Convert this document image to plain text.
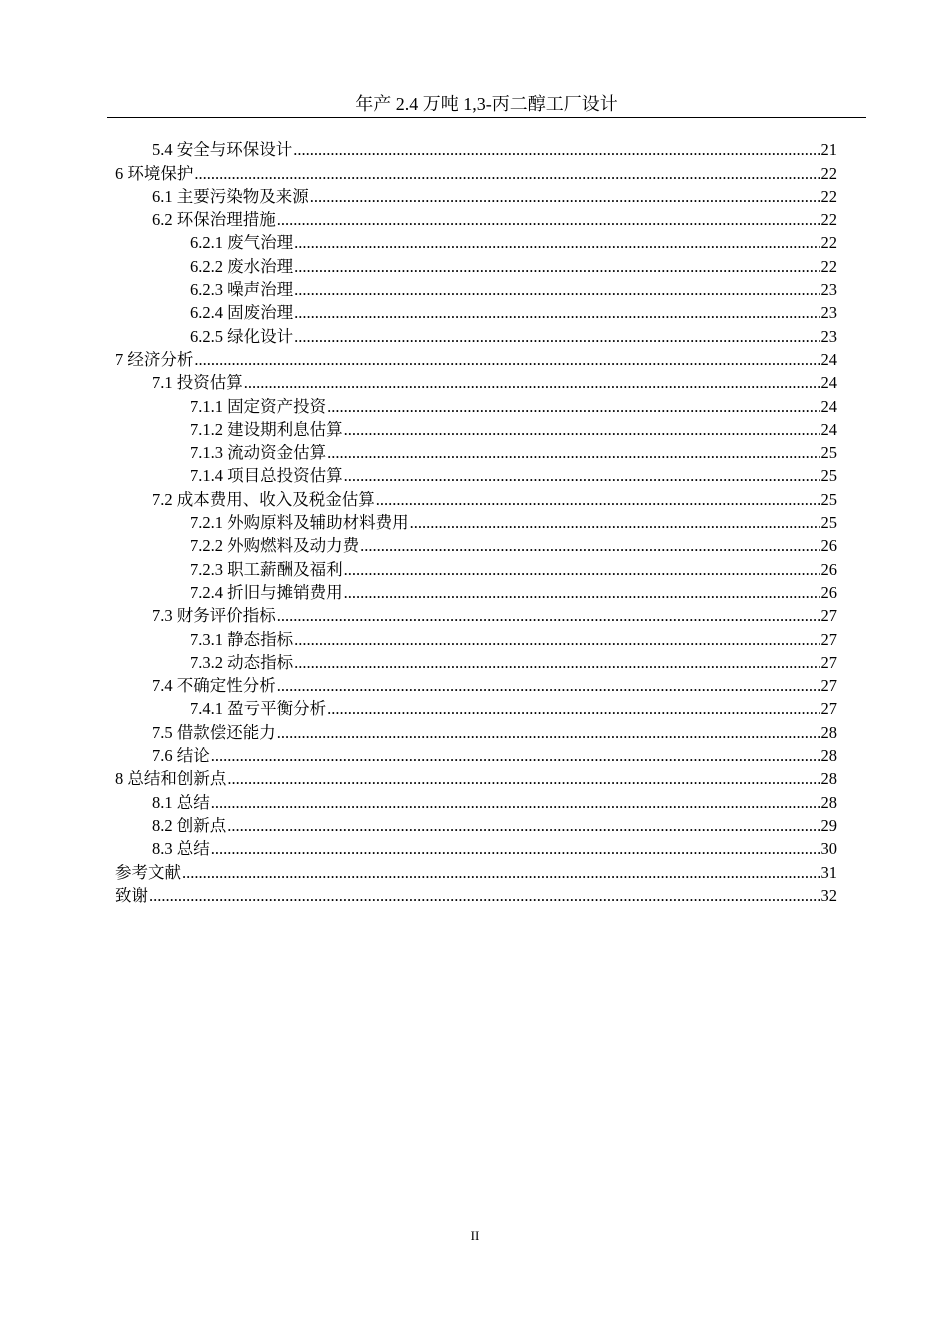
年产 2.4 万吨 1,3-丙二醇工厂设计
5.4 安全与环保设计 .....	21
6 环境保护 .....	22
6.1 主要污染物及来源 .....	22
6.2 环保治理措施 .....	22
6.2.1 废气治理 .....	22
6.2.2 废水治理 .....	22
6.2.3 噪声治理 .....	23
6.2.4 固废治理 .....	23
6.2.5 绿化设计 .....	23
7 经济分析 .....	24
7.1 投资估算 .....	24
7.1.1 固定资产投资 .....	24
7.1.2 建设期利息估算 .....	24
7.1.3 流动资金估算 .....	25
7.1.4 项目总投资估算 .....	25
7.2 成本费用、收入及税金估算 .....	25
7.2.1 外购原料及辅助材料费用 .....	25
7.2.2 外购燃料及动力费 .....	26
7.2.3 职工薪酬及福利 .....	26
7.2.4 折旧与摊销费用 .....	26
7.3 财务评价指标 .....	27
7.3.1 静态指标 .....	27
7.3.2 动态指标 .....	27
7.4 不确定性分析 .....	27
7.4.1 盈亏平衡分析 .....	27
7.5 借款偿还能力 .....	28
7.6 结论 .....	28
8 总结和创新点 .....	28
8.1 总结 .....	28
8.2 创新点 .....	29
8.3 总结 .....	30
参考文献 .....	31
致谢 .....	32
II
